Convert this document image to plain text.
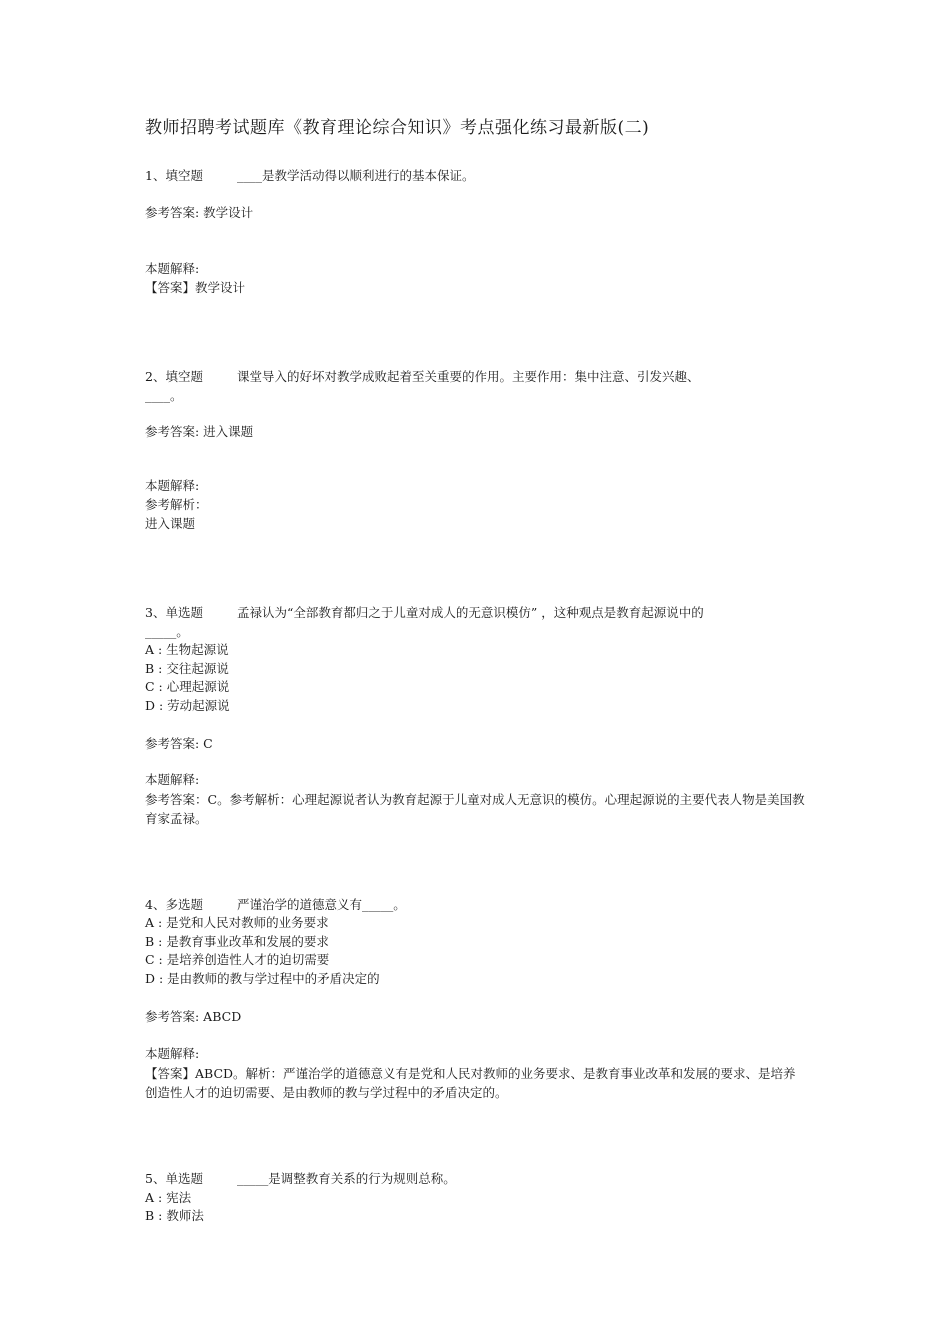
教师招聘考试题库《教育理论综合知识》考点强化练习最新版(二)
1、填空题	____是教学活动得以顺利进行的基本保证。
参考答案: 教学设计
本题解释:
【答案】教学设计
2、填空题	课堂导入的好坏对教学成败起着至关重要的作用。主要作用：集中注意、引发兴趣、
____。
参考答案: 进入课题
本题解释:
参考解析：
进入课题
3、单选题	孟禄认为“全部教育都归之于儿童对成人的无意识模仿” ，这种观点是教育起源说中的
_____。
A : 生物起源说
B : 交往起源说
C : 心理起源说
D : 劳动起源说
参考答案: C
本题解释:
参考答案：C。参考解析：心理起源说者认为教育起源于儿童对成人无意识的模仿。心理起源说的主要代表人物是美国教育家孟禄。
4、多选题	严谨治学的道德意义有_____。
A : 是党和人民对教师的业务要求
B : 是教育事业改革和发展的要求
C : 是培养创造性人才的迫切需要
D : 是由教师的教与学过程中的矛盾决定的
参考答案: ABCD
本题解释:
【答案】ABCD。解析：严谨治学的道德意义有是党和人民对教师的业务要求、是教育事业改革和发展的要求、是培养创造性人才的迫切需要、是由教师的教与学过程中的矛盾决定的。
5、单选题	_____是调整教育关系的行为规则总称。
A : 宪法
B : 教师法
